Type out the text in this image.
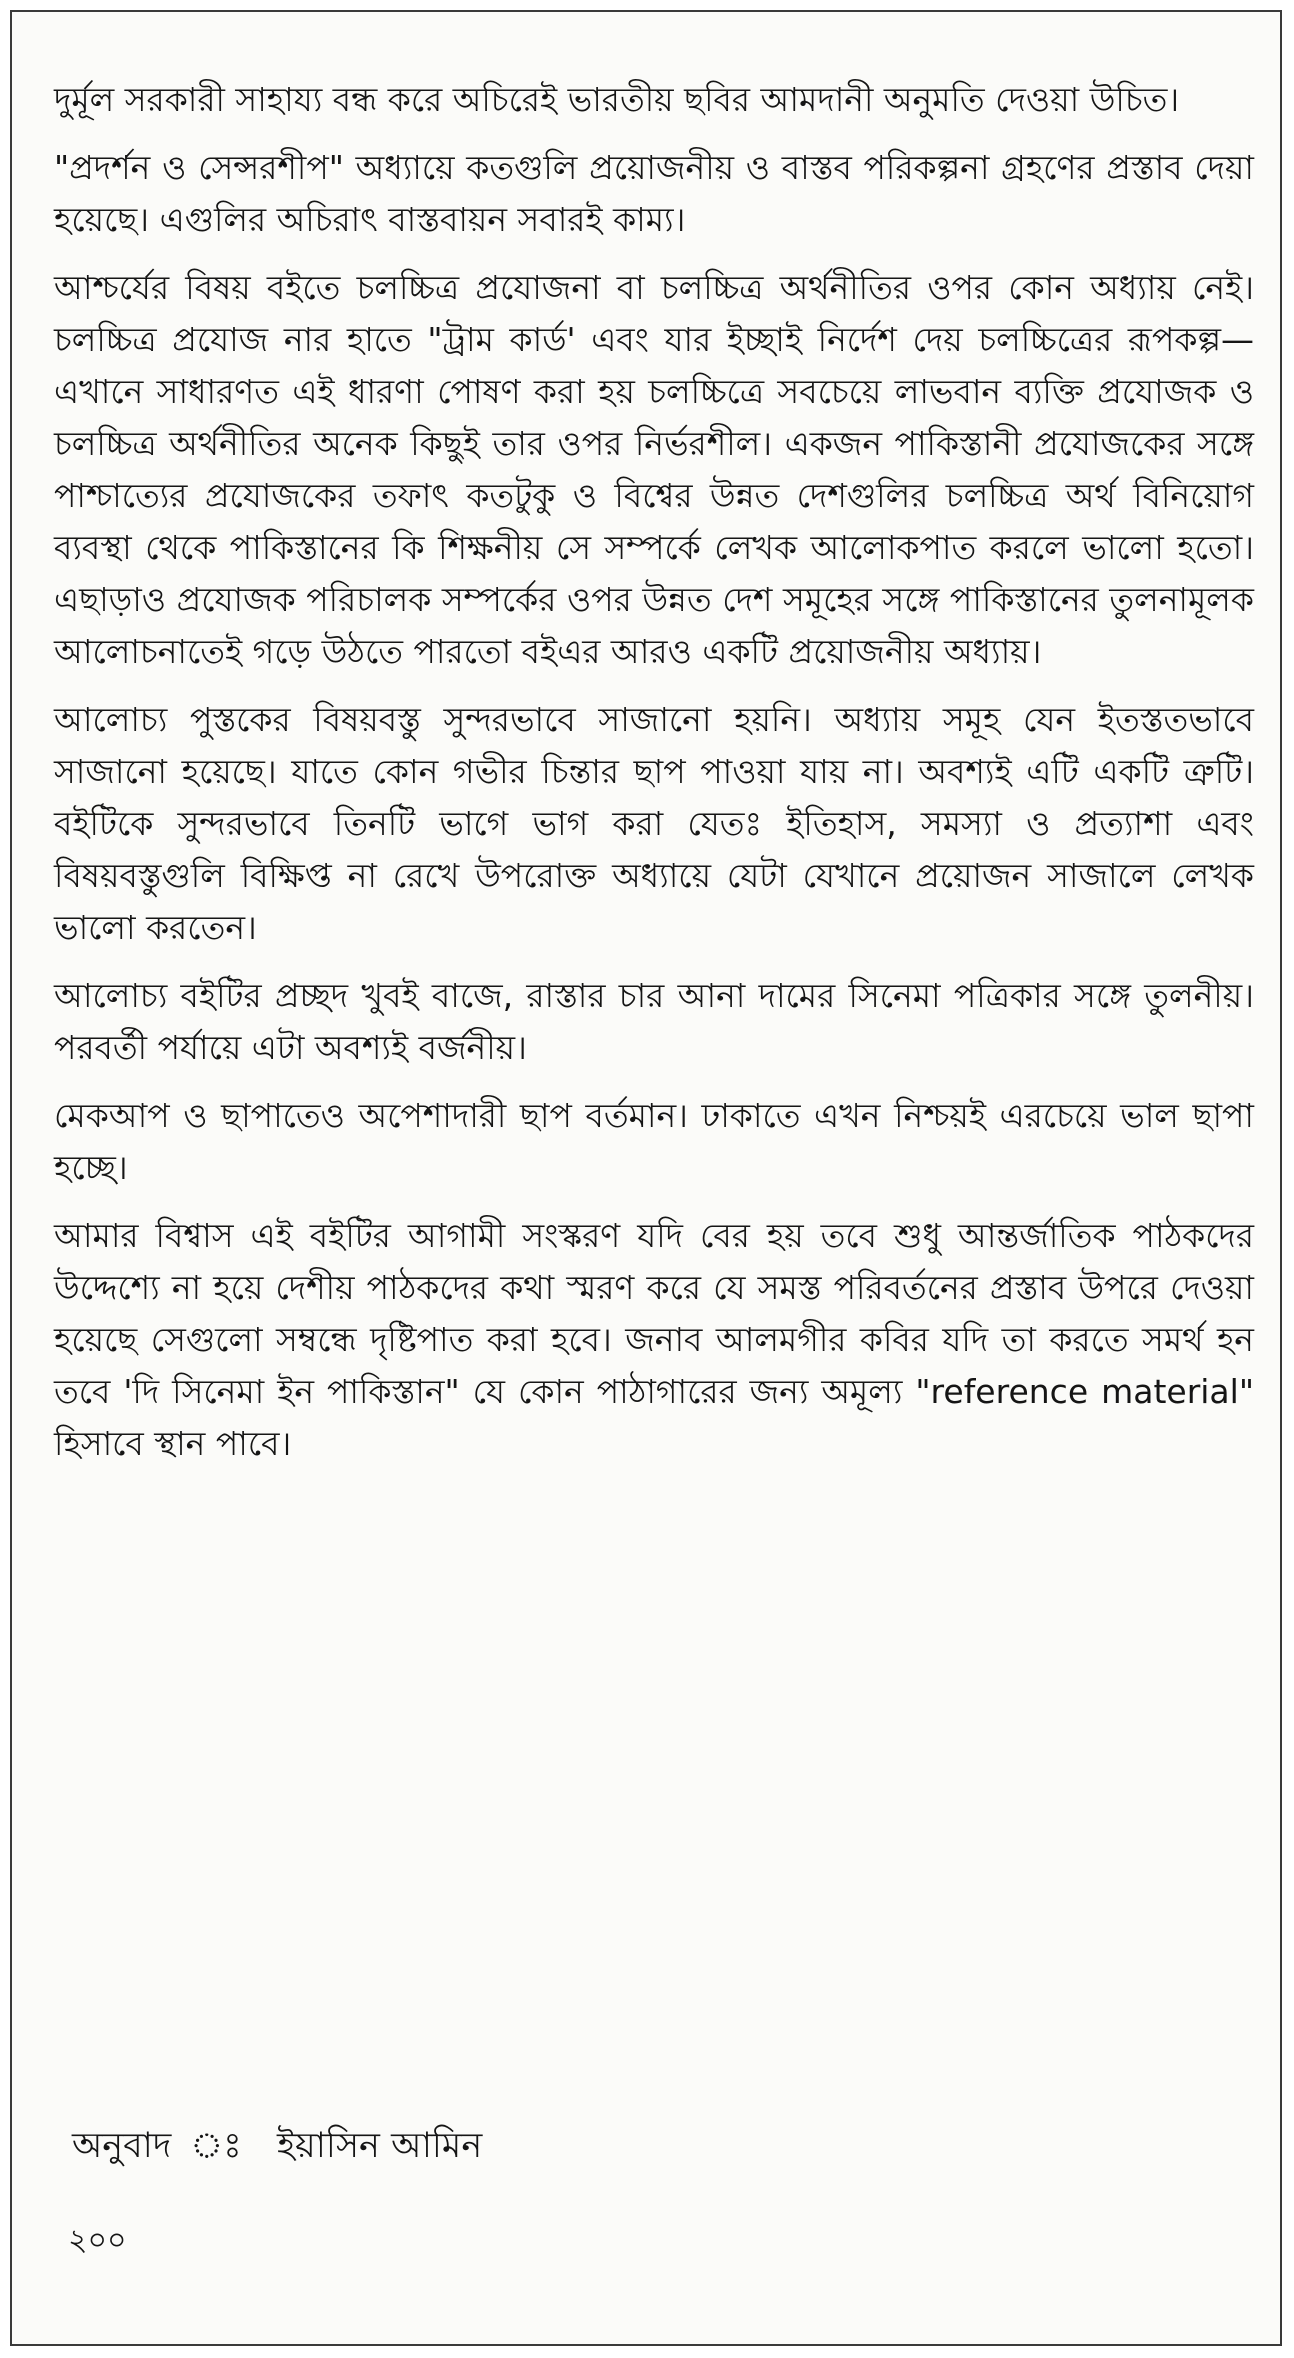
দুর্মূল সরকারী সাহায্য বন্ধ করে অচিরেই ভারতীয় ছবির আমদানী অনুমতি দেওয়া উচিত।

"প্রদর্শন ও সেন্সরশীপ" অধ্যায়ে কতগুলি প্রয়োজনীয় ও বাস্তব পরিকল্পনা গ্রহণের প্রস্তাব দেয়া হয়েছে। এগুলির অচিরাৎ বাস্তবায়ন সবারই কাম্য।

আশ্চর্যের বিষয় বইতে চলচ্চিত্র প্রযোজনা বা চলচ্চিত্র অর্থনীতির ওপর কোন অধ্যায় নেই। চলচ্চিত্র প্রযোজ নার হাতে "ট্রাম কার্ড' এবং যার ইচ্ছাই নির্দেশ দেয় চলচ্চিত্রের রূপকল্প—এখানে সাধারণত এই ধারণা পোষণ করা হয় চলচ্চিত্রে সবচেয়ে লাভবান ব্যক্তি প্রযোজক ও চলচ্চিত্র অর্থনীতির অনেক কিছুই তার ওপর নির্ভরশীল। একজন পাকিস্তানী প্রযোজকের সঙ্গে পাশ্চাত্যের প্রযোজকের তফাৎ কতটুকু ও বিশ্বের উন্নত দেশগুলির চলচ্চিত্র অর্থ বিনিয়োগ ব্যবস্থা থেকে পাকিস্তানের কি শিক্ষনীয় সে সম্পর্কে লেখক আলোকপাত করলে ভালো হতো। এছাড়াও প্রযোজক পরিচালক সম্পর্কের ওপর উন্নত দেশ সমূহের সঙ্গে পাকিস্তানের তুলনামূলক আলোচনাতেই গড়ে উঠতে পারতো বইএর আরও একটি প্রয়োজনীয় অধ্যায়।

আলোচ্য পুস্তকের বিষয়বস্তু সুন্দরভাবে সাজানো হয়নি। অধ্যায় সমূহ যেন ইতস্ততভাবে সাজানো হয়েছে। যাতে কোন গভীর চিন্তার ছাপ পাওয়া যায় না। অবশ্যই এটি একটি ত্রুটি। বইটিকে সুন্দরভাবে তিনটি ভাগে ভাগ করা যেতঃ ইতিহাস, সমস্যা ও প্রত্যাশা এবং বিষয়বস্তুগুলি বিক্ষিপ্ত না রেখে উপরোক্ত অধ্যায়ে যেটা যেখানে প্রয়োজন সাজালে লেখক ভালো করতেন।

আলোচ্য বইটির প্রচ্ছদ খুবই বাজে, রাস্তার চার আনা দামের সিনেমা পত্রিকার সঙ্গে তুলনীয়। পরবর্তী পর্যায়ে এটা অবশ্যই বর্জনীয়।

মেকআপ ও ছাপাতেও অপেশাদারী ছাপ বর্তমান। ঢাকাতে এখন নিশ্চয়ই এরচেয়ে ভাল ছাপা হচ্ছে।

আমার বিশ্বাস এই বইটির আগামী সংস্করণ যদি বের হয় তবে শুধু আন্তর্জাতিক পাঠকদের উদ্দেশ্যে না হয়ে দেশীয় পাঠকদের কথা স্মরণ করে যে সমস্ত পরিবর্তনের প্রস্তাব উপরে দেওয়া হয়েছে সেগুলো সম্বন্ধে দৃষ্টিপাত করা হবে। জনাব আলমগীর কবির যদি তা করতে সমর্থ হন তবে 'দি সিনেমা ইন পাকিস্তান" যে কোন পাঠাগারের জন্য অমূল্য "reference material" হিসাবে স্থান পাবে।

অনুবাদ ঃ ইয়াসিন আমিন
২০০
